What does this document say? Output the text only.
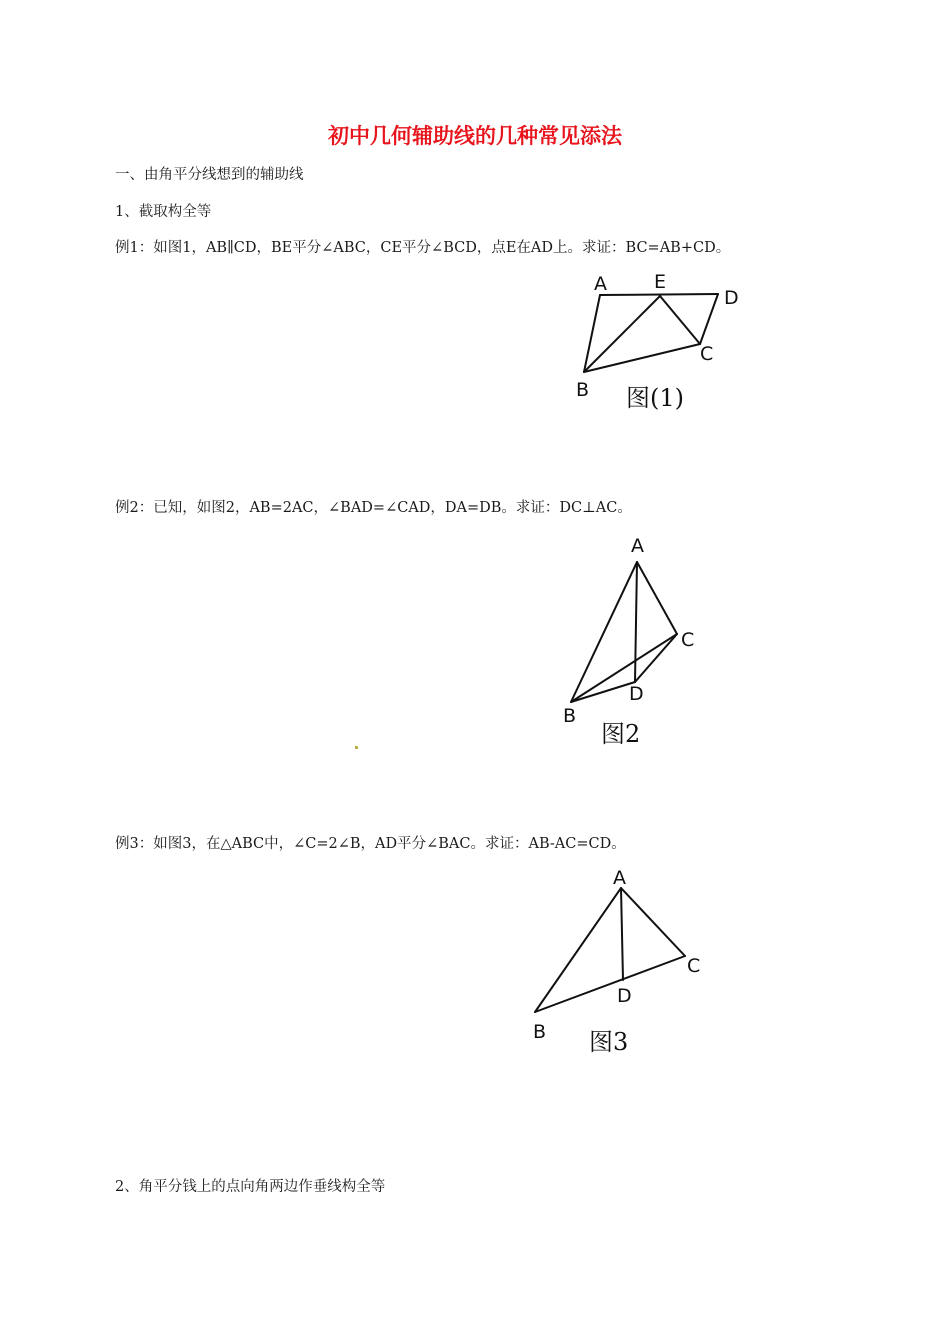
初中几何辅助线的几种常见添法

一、由角平分线想到的辅助线

1、截取构全等

例1：如图1，AB∥CD，BE平分∠ABC，CE平分∠BCD，点E在AD上。求证：BC=AB+CD。

A E
D
B
C
图(1)

例2：已知，如图2，AB=2AC，∠BAD=∠CAD，DA=DB。求证：DC⊥AC。

A
C
D
B
图2

例3：如图3，在△ABC中，∠C=2∠B，AD平分∠BAC。求证：AB-AC=CD。

A
C
D
B 图3

2、角平分钱上的点向角两边作垂线构全等
